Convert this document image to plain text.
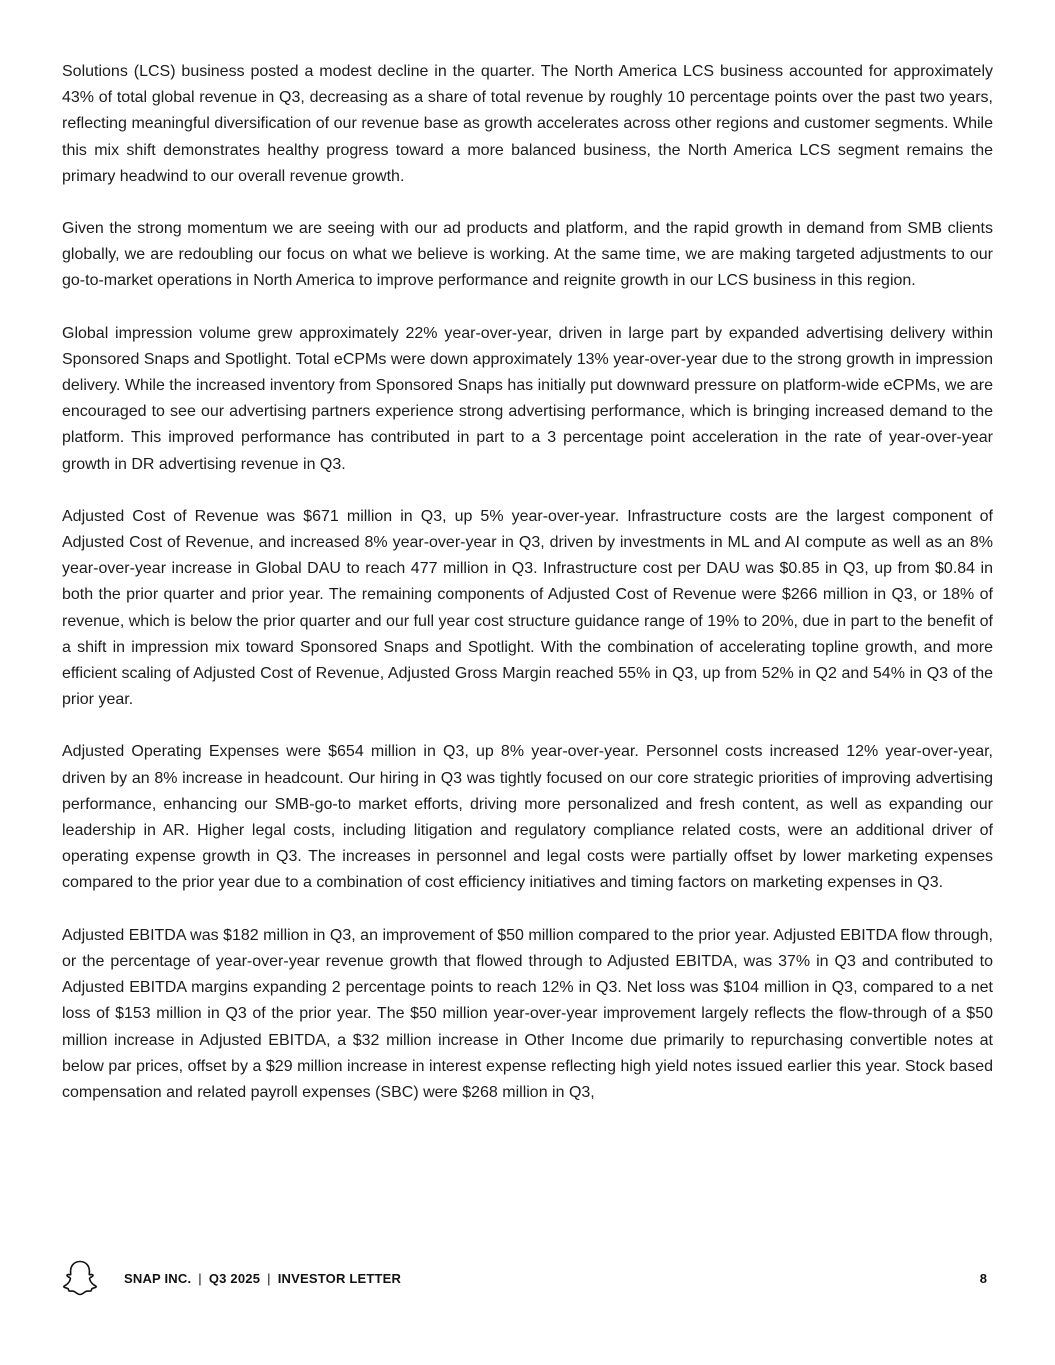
Solutions (LCS) business posted a modest decline in the quarter. The North America LCS business accounted for approximately 43% of total global revenue in Q3, decreasing as a share of total revenue by roughly 10 percentage points over the past two years, reflecting meaningful diversification of our revenue base as growth accelerates across other regions and customer segments. While this mix shift demonstrates healthy progress toward a more balanced business, the North America LCS segment remains the primary headwind to our overall revenue growth.

Given the strong momentum we are seeing with our ad products and platform, and the rapid growth in demand from SMB clients globally, we are redoubling our focus on what we believe is working. At the same time, we are making targeted adjustments to our go-to-market operations in North America to improve performance and reignite growth in our LCS business in this region.

Global impression volume grew approximately 22% year-over-year, driven in large part by expanded advertising delivery within Sponsored Snaps and Spotlight. Total eCPMs were down approximately 13% year-over-year due to the strong growth in impression delivery. While the increased inventory from Sponsored Snaps has initially put downward pressure on platform-wide eCPMs, we are encouraged to see our advertising partners experience strong advertising performance, which is bringing increased demand to the platform. This improved performance has contributed in part to a 3 percentage point acceleration in the rate of year-over-year growth in DR advertising revenue in Q3.

Adjusted Cost of Revenue was $671 million in Q3, up 5% year-over-year. Infrastructure costs are the largest component of Adjusted Cost of Revenue, and increased 8% year-over-year in Q3, driven by investments in ML and AI compute as well as an 8% year-over-year increase in Global DAU to reach 477 million in Q3. Infrastructure cost per DAU was $0.85 in Q3, up from $0.84 in both the prior quarter and prior year. The remaining components of Adjusted Cost of Revenue were $266 million in Q3, or 18% of revenue, which is below the prior quarter and our full year cost structure guidance range of 19% to 20%, due in part to the benefit of a shift in impression mix toward Sponsored Snaps and Spotlight. With the combination of accelerating topline growth, and more efficient scaling of Adjusted Cost of Revenue, Adjusted Gross Margin reached 55% in Q3, up from 52% in Q2 and 54% in Q3 of the prior year.

Adjusted Operating Expenses were $654 million in Q3, up 8% year-over-year. Personnel costs increased 12% year-over-year, driven by an 8% increase in headcount. Our hiring in Q3 was tightly focused on our core strategic priorities of improving advertising performance, enhancing our SMB-go-to market efforts, driving more personalized and fresh content, as well as expanding our leadership in AR. Higher legal costs, including litigation and regulatory compliance related costs, were an additional driver of operating expense growth in Q3. The increases in personnel and legal costs were partially offset by lower marketing expenses compared to the prior year due to a combination of cost efficiency initiatives and timing factors on marketing expenses in Q3.

Adjusted EBITDA was $182 million in Q3, an improvement of $50 million compared to the prior year. Adjusted EBITDA flow through, or the percentage of year-over-year revenue growth that flowed through to Adjusted EBITDA, was 37% in Q3 and contributed to Adjusted EBITDA margins expanding 2 percentage points to reach 12% in Q3. Net loss was $104 million in Q3, compared to a net loss of $153 million in Q3 of the prior year. The $50 million year-over-year improvement largely reflects the flow-through of a $50 million increase in Adjusted EBITDA, a $32 million increase in Other Income due primarily to repurchasing convertible notes at below par prices, offset by a $29 million increase in interest expense reflecting high yield notes issued earlier this year. Stock based compensation and related payroll expenses (SBC) were $268 million in Q3,

SNAP INC. | Q3 2025 | INVESTOR LETTER	8
